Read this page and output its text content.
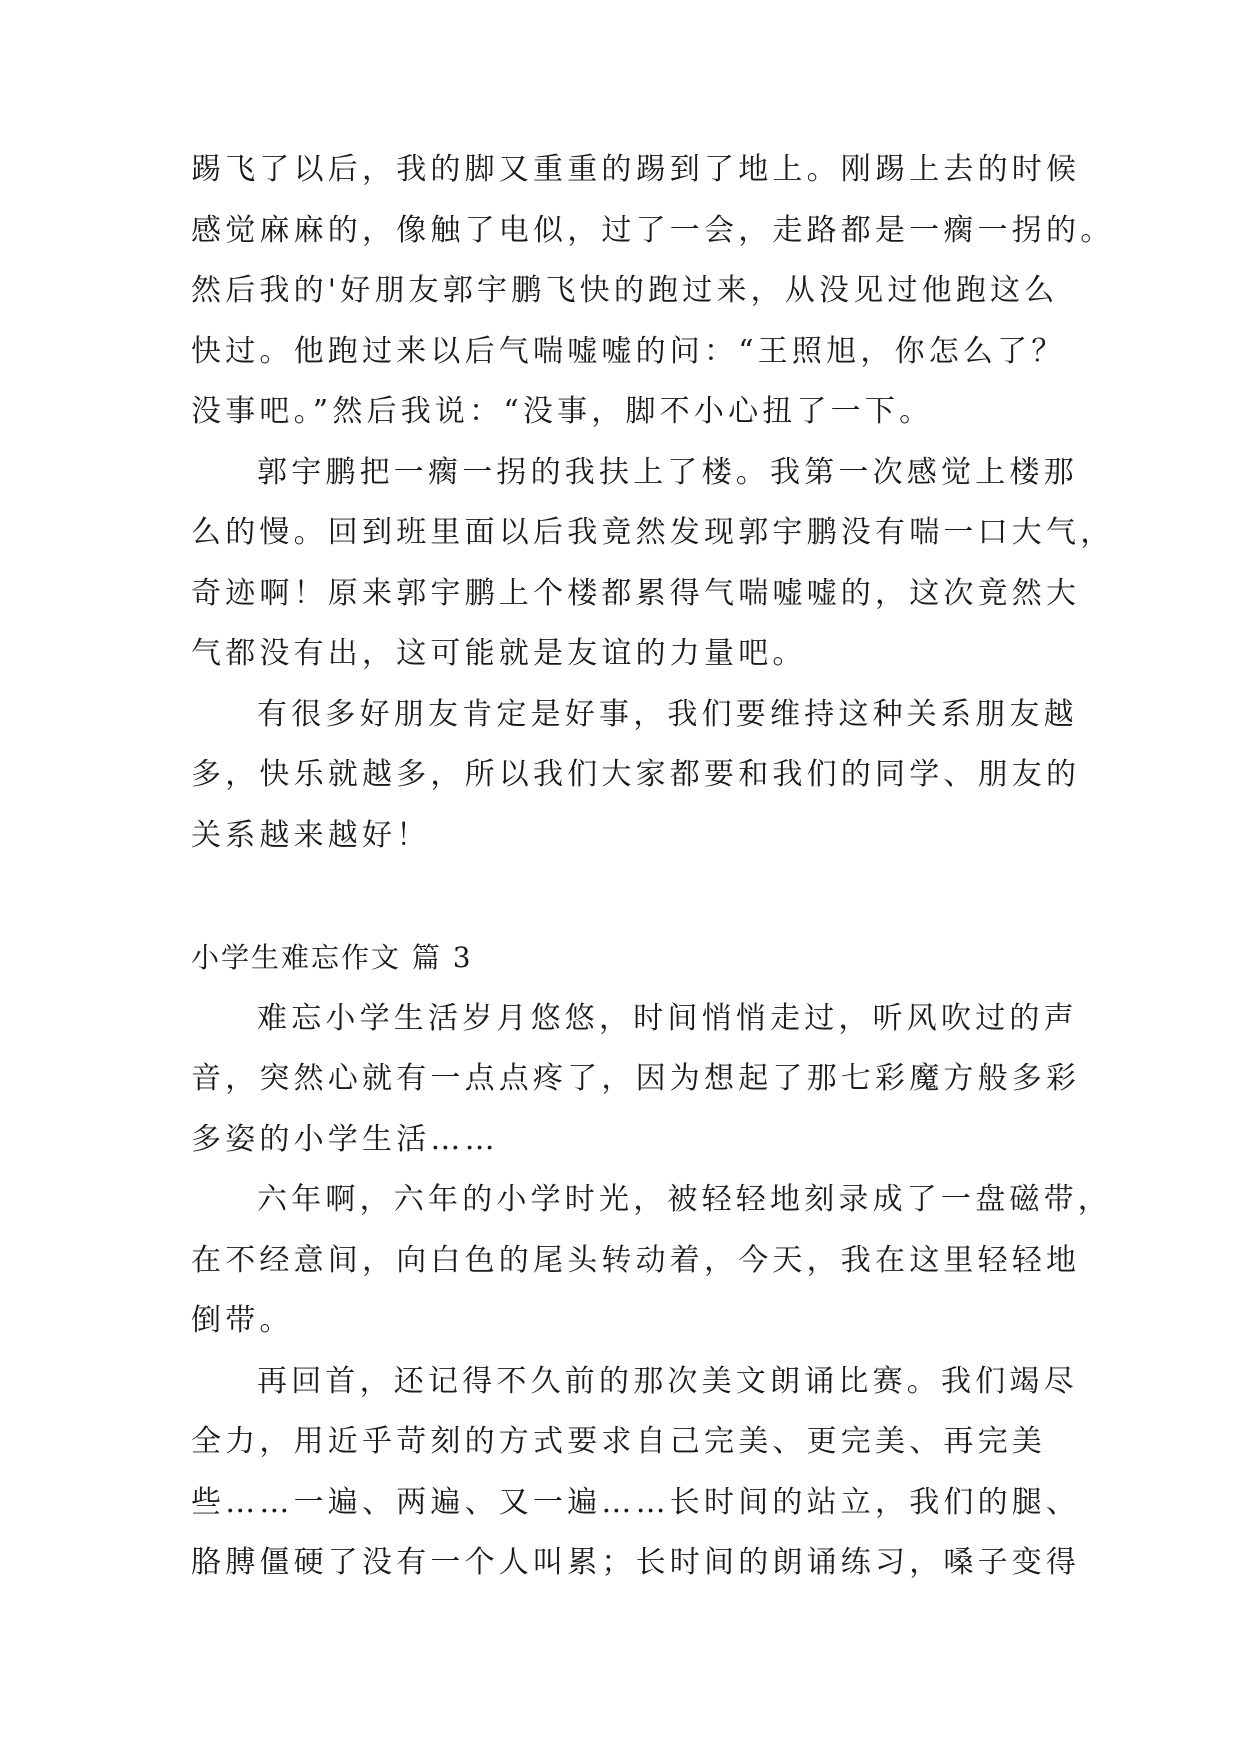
踢飞了以后，我的脚又重重的踢到了地上。刚踢上去的时候
感觉麻麻的，像触了电似，过了一会，走路都是一瘸一拐的。
然后我的'好朋友郭宇鹏飞快的跑过来，从没见过他跑这么
快过。他跑过来以后气喘嘘嘘的问：“王照旭，你怎么了？
没事吧。”然后我说：“没事，脚不小心扭了一下。
郭宇鹏把一瘸一拐的我扶上了楼。我第一次感觉上楼那
么的慢。回到班里面以后我竟然发现郭宇鹏没有喘一口大气，
奇迹啊！原来郭宇鹏上个楼都累得气喘嘘嘘的，这次竟然大
气都没有出，这可能就是友谊的力量吧。
有很多好朋友肯定是好事，我们要维持这种关系朋友越
多，快乐就越多，所以我们大家都要和我们的同学、朋友的
关系越来越好！
小学生难忘作文 篇 3
难忘小学生活岁月悠悠，时间悄悄走过，听风吹过的声
音，突然心就有一点点疼了，因为想起了那七彩魔方般多彩
多姿的小学生活……
六年啊，六年的小学时光，被轻轻地刻录成了一盘磁带，
在不经意间，向白色的尾头转动着，今天，我在这里轻轻地
倒带。
再回首，还记得不久前的那次美文朗诵比赛。我们竭尽
全力，用近乎苛刻的方式要求自己完美、更完美、再完美
些……一遍、两遍、又一遍……长时间的站立，我们的腿、
胳膊僵硬了没有一个人叫累；长时间的朗诵练习，嗓子变得
